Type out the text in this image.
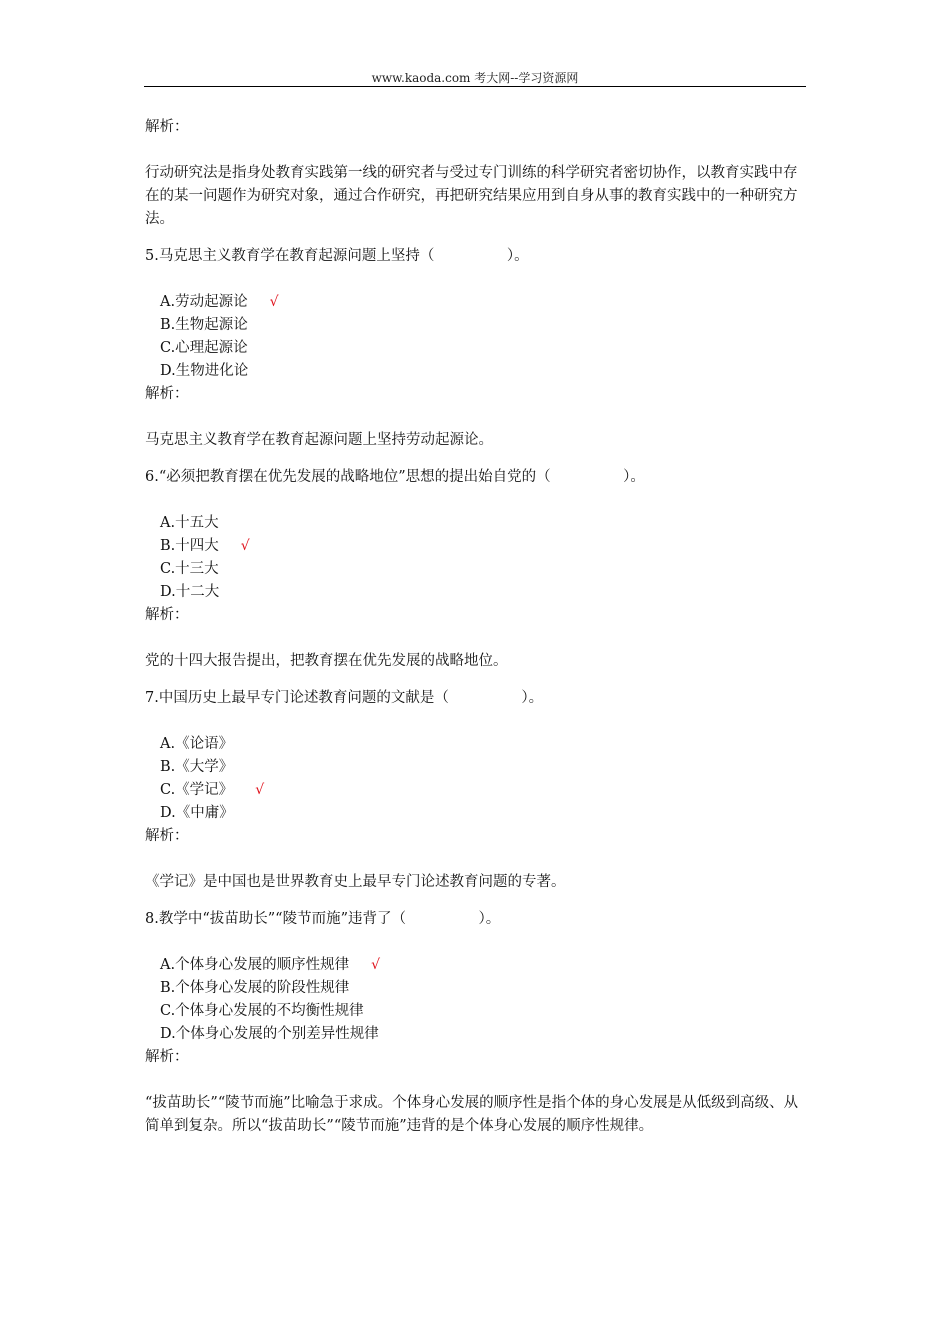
www.kaoda.com 考大网--学习资源网
解析：
行动研究法是指身处教育实践第一线的研究者与受过专门训练的科学研究者密切协作，以教育实践中存在的某一问题作为研究对象，通过合作研究，再把研究结果应用到自身从事的教育实践中的一种研究方法。
5.马克思主义教育学在教育起源问题上坚持（　　　　　）。
A.劳动起源论 √
B.生物起源论
C.心理起源论
D.生物进化论
解析：
马克思主义教育学在教育起源问题上坚持劳动起源论。
6.“必须把教育摆在优先发展的战略地位”思想的提出始自党的（　　　　　）。
A.十五大
B.十四大 √
C.十三大
D.十二大
解析：
党的十四大报告提出，把教育摆在优先发展的战略地位。
7.中国历史上最早专门论述教育问题的文献是（　　　　　）。
A.《论语》
B.《大学》
C.《学记》 √
D.《中庸》
解析：
《学记》是中国也是世界教育史上最早专门论述教育问题的专著。
8.教学中“拔苗助长”“陵节而施”违背了（　　　　　）。
A.个体身心发展的顺序性规律 √
B.个体身心发展的阶段性规律
C.个体身心发展的不均衡性规律
D.个体身心发展的个别差异性规律
解析：
“拔苗助长”“陵节而施”比喻急于求成。个体身心发展的顺序性是指个体的身心发展是从低级到高级、从简单到复杂。所以“拔苗助长”“陵节而施”违背的是个体身心发展的顺序性规律。
